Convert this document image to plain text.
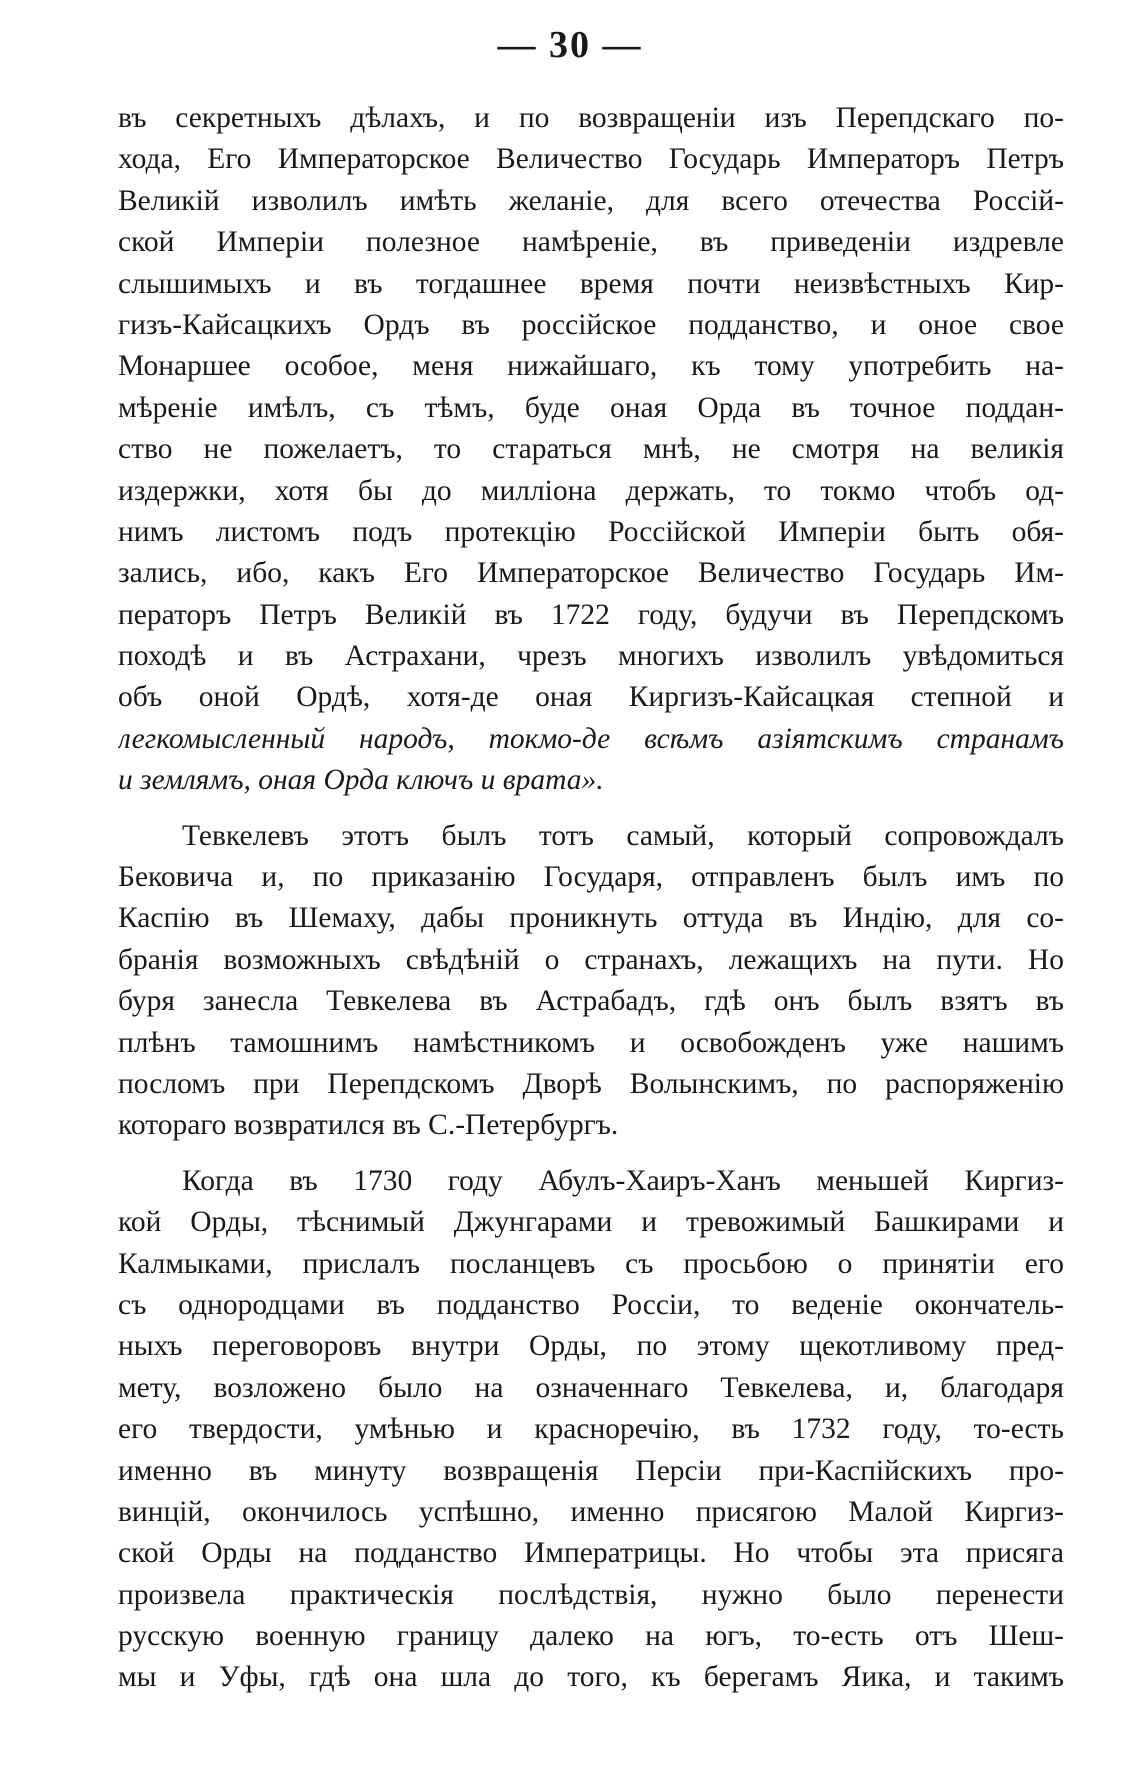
— 30 —
въ секретныхъ дѣлахъ, и по возвращеніи изъ Перепдскаго по-
хода, Его Императорское Величество Государь Императоръ Петръ
Великій изволилъ имѣть желаніе, для всего отечества Россій-
ской Имперіи полезное намѣреніе, въ приведеніи издревле
слышимыхъ и въ тогдашнее время почти неизвѣстныхъ Кир-
гизъ-Кайсацкихъ Ордъ въ россійское подданство, и оное свое
Монаршее особое, меня нижайшаго, къ тому употребить на-
мѣреніе имѣлъ, съ тѣмъ, буде оная Орда въ точное поддан-
ство не пожелаетъ, то стараться мнѣ, не смотря на великія
издержки, хотя бы до милліона держать, то токмо чтобъ од-
нимъ листомъ подъ протекцію Россійской Имперіи быть обя-
зались, ибо, какъ Его Императорское Величество Государь Им-
ператоръ Петръ Великій въ 1722 году, будучи въ Перепдскомъ
походѣ и въ Астрахани, чрезъ многихъ изволилъ увѣдомиться
объ оной Ордѣ, хотя-де оная Киргизъ-Кайсацкая степной и
легкомысленный народъ, токмо-де всѣмъ азіятскимъ странамъ
и землямъ, оная Орда ключъ и врата».
Тевкелевъ этотъ былъ тотъ самый, который сопровождалъ
Бековича и, по приказанію Государя, отправленъ былъ имъ по
Каспію въ Шемаху, дабы проникнуть оттуда въ Индію, для со-
бранія возможныхъ свѣдѣній о странахъ, лежащихъ на пути. Но
буря занесла Тевкелева въ Астрабадъ, гдѣ онъ былъ взятъ въ
плѣнъ тамошнимъ намѣстникомъ и освобожденъ уже нашимъ
посломъ при Перепдскомъ Дворѣ Волынскимъ, по распоряженію
котораго возвратился въ С.-Петербургъ.
Когда въ 1730 году Абулъ-Хаиръ-Ханъ меньшей Киргиз-
кой Орды, тѣснимый Джунгарами и тревожимый Башкирами и
Калмыками, прислалъ посланцевъ съ просьбою о принятіи его
съ однородцами въ подданство Россіи, то веденіе окончатель-
ныхъ переговоровъ внутри Орды, по этому щекотливому пред-
мету, возложено было на означеннаго Тевкелева, и, благодаря
его твердости, умѣнью и красноречію, въ 1732 году, то-есть
именно въ минуту возвращенія Персіи при-Каспійскихъ про-
винцій, окончилось успѣшно, именно присягою Малой Киргиз-
ской Орды на подданство Императрицы. Но чтобы эта присяга
произвела практическія послѣдствія, нужно было перенести
русскую военную границу далеко на югъ, то-есть отъ Шеш-
мы и Уфы, гдѣ она шла до того, къ берегамъ Яика, и такимъ
